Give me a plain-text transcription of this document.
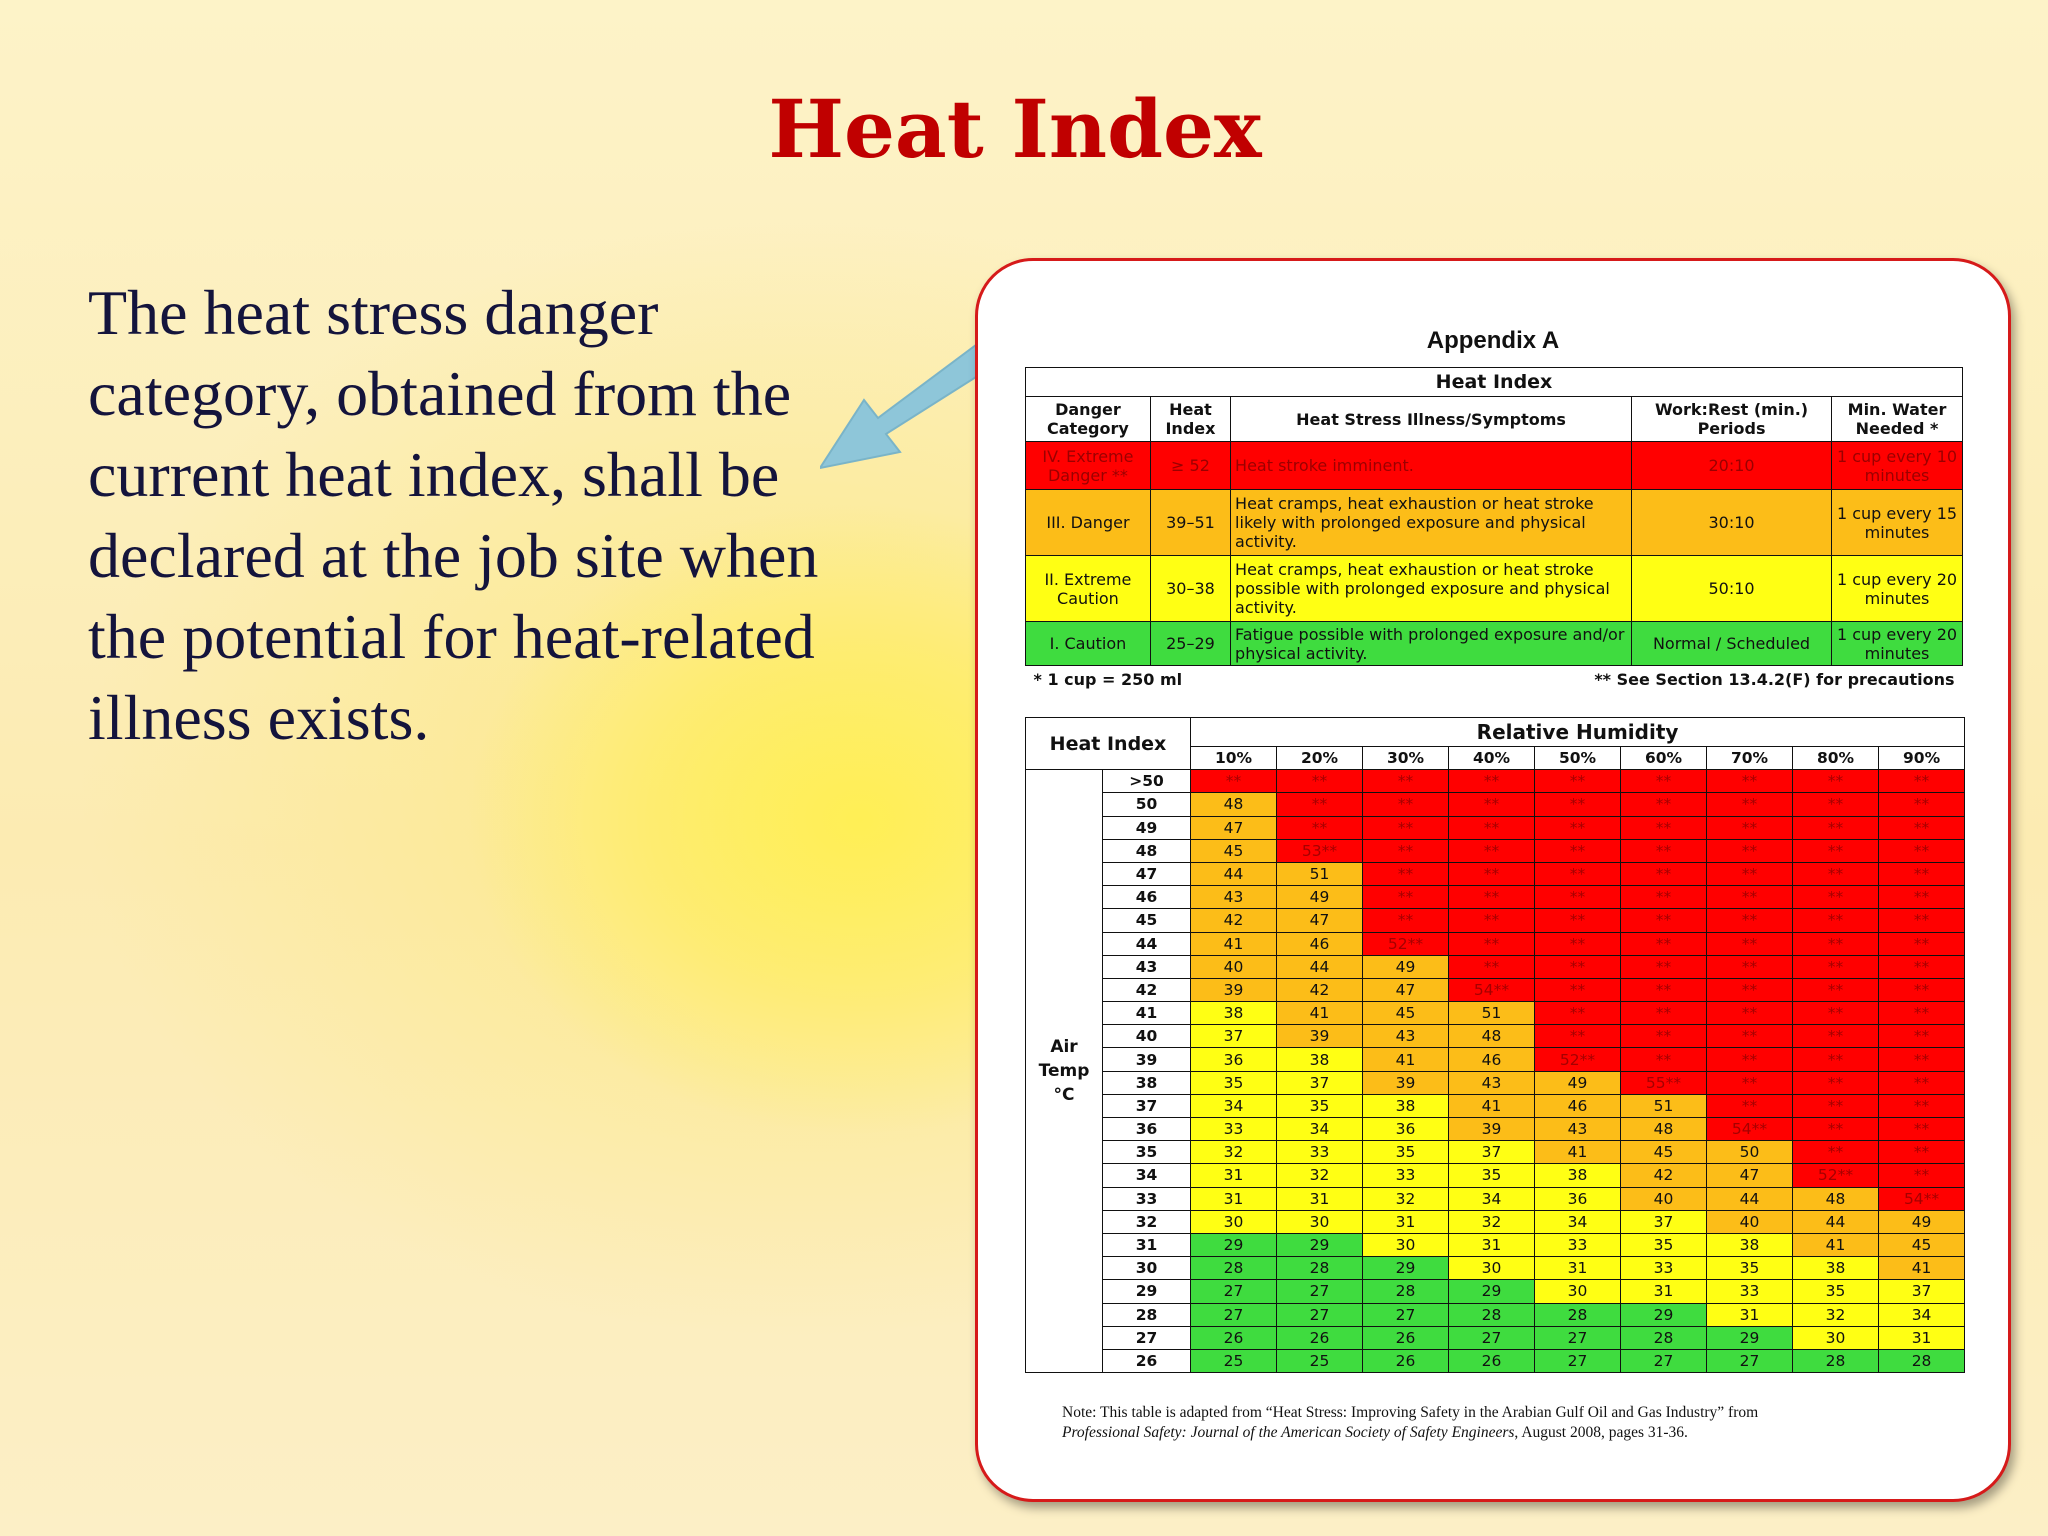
Heat Index
The heat stress danger category, obtained from the current heat index, shall be declared at the job site when the potential for heat-related illness exists.
Appendix A
Heat Index				
Danger Category	Heat Index	Heat Stress Illness/Symptoms	Work:Rest (min.) Periods	Min. Water Needed *
IV. Extreme Danger **	≥ 52	Heat stroke imminent.	20:10	1 cup every 10 minutes
III. Danger	39–51	Heat cramps, heat exhaustion or heat stroke likely with prolonged exposure and physical activity.	30:10	1 cup every 15 minutes
II. Extreme Caution	30–38	Heat cramps, heat exhaustion or heat stroke possible with prolonged exposure and physical activity.	50:10	1 cup every 20 minutes
I. Caution	25–29	Fatigue possible with prolonged exposure and/or physical activity.	Normal / Scheduled	1 cup every 20 minutes
* 1 cup = 250 ml		** See Section 13.4.2(F) for precautions		
Heat Index		Relative Humidity								
		10%	20%	30%	40%	50%	60%	70%	80%	90%
Air Temp °C	>50	**	**	**	**	**	**	**	**	**
	50	48	**	**	**	**	**	**	**	**
	49	47	**	**	**	**	**	**	**	**
	48	45	53**	**	**	**	**	**	**	**
	47	44	51	**	**	**	**	**	**	**
	46	43	49	**	**	**	**	**	**	**
	45	42	47	**	**	**	**	**	**	**
	44	41	46	52**	**	**	**	**	**	**
	43	40	44	49	**	**	**	**	**	**
	42	39	42	47	54**	**	**	**	**	**
	41	38	41	45	51	**	**	**	**	**
	40	37	39	43	48	**	**	**	**	**
	39	36	38	41	46	52**	**	**	**	**
	38	35	37	39	43	49	55**	**	**	**
	37	34	35	38	41	46	51	**	**	**
	36	33	34	36	39	43	48	54**	**	**
	35	32	33	35	37	41	45	50	**	**
	34	31	32	33	35	38	42	47	52**	**
	33	31	31	32	34	36	40	44	48	54**
	32	30	30	31	32	34	37	40	44	49
	31	29	29	30	31	33	35	38	41	45
	30	28	28	29	30	31	33	35	38	41
	29	27	27	28	29	30	31	33	35	37
	28	27	27	27	28	28	29	31	32	34
	27	26	26	26	27	27	28	29	30	31
	26	25	25	26	26	27	27	27	28	28
Note: This table is adapted from “Heat Stress: Improving Safety in the Arabian Gulf Oil and Gas Industry” from
Professional Safety: Journal of the American Society of Safety Engineers, August 2008, pages 31-36.
